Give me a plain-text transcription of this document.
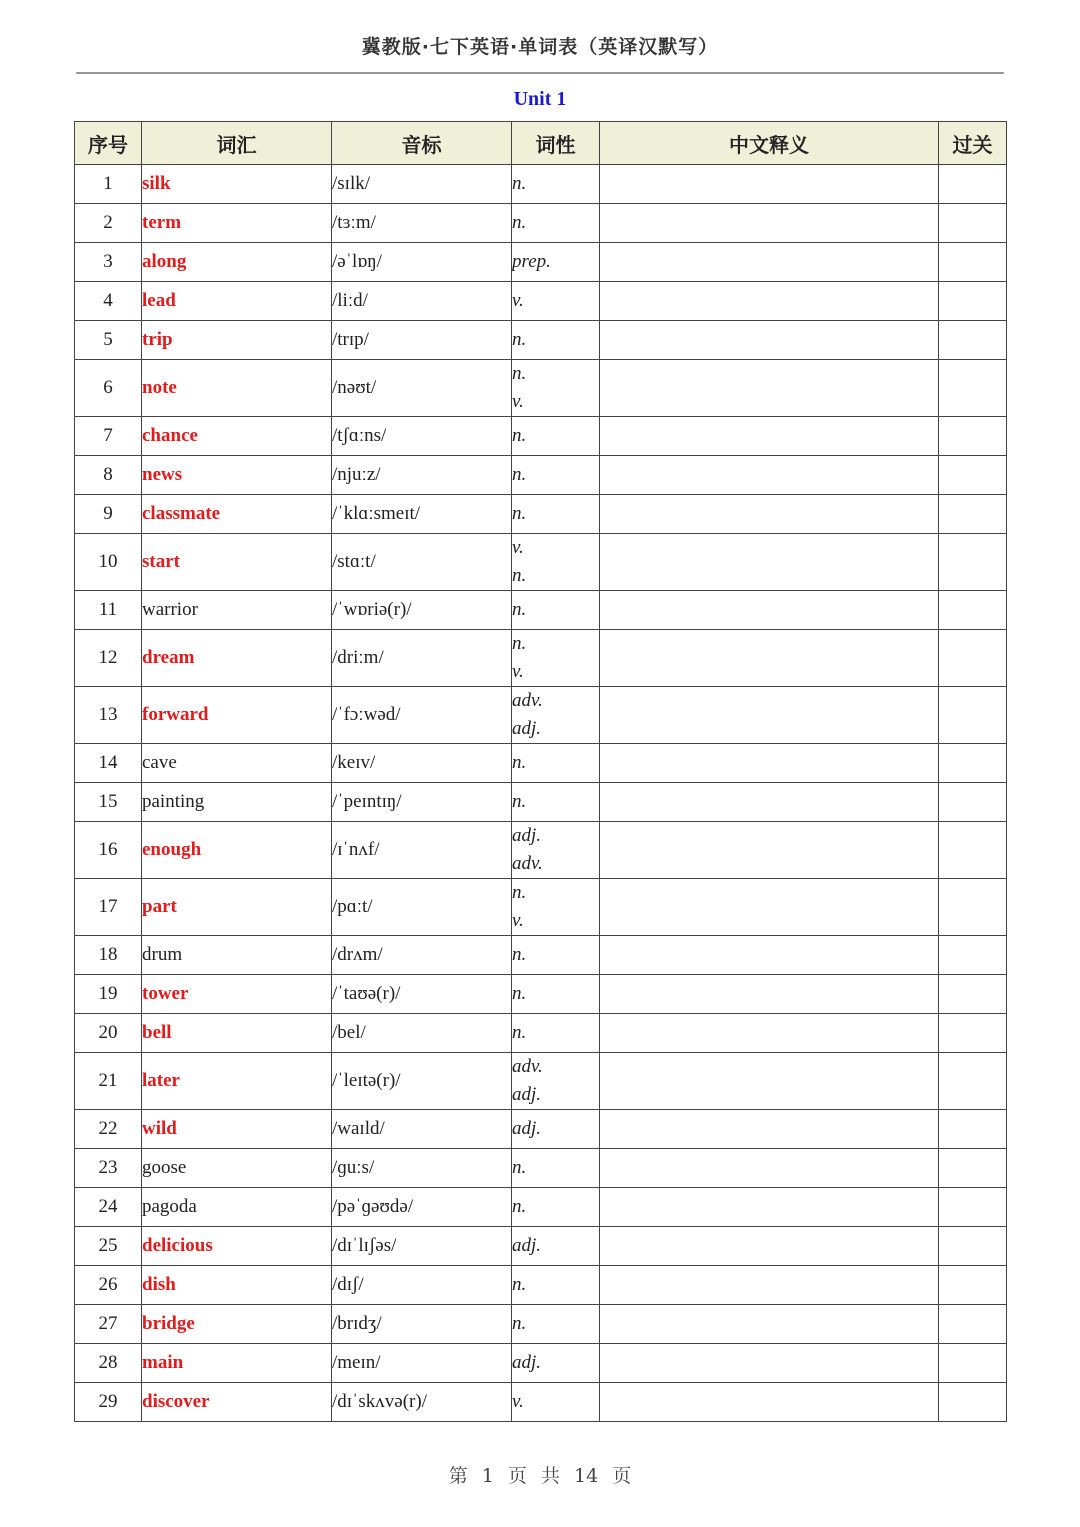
冀教版·七下英语·单词表（英译汉默写）
Unit 1
序号	词汇	音标	词性	中文释义	过关
1	silk	/sɪlk/	n.		

2	term	/tɜːm/	n.		

3	along	/əˈlɒŋ/	prep.		

4	lead	/liːd/	v.		

5	trip	/trɪp/	n.		

6	note	/nəʊt/	n.
v.		

7	chance	/tʃɑːns/	n.		

8	news	/njuːz/	n.		

9	classmate	/ˈklɑːsmeɪt/	n.		

10	start	/stɑːt/	v.
n.		

11	warrior	/ˈwɒriə(r)/	n.		

12	dream	/driːm/	n.
v.		

13	forward	/ˈfɔːwəd/	adv.
adj.		

14	cave	/keɪv/	n.		

15	painting	/ˈpeɪntɪŋ/	n.		

16	enough	/ɪˈnʌf/	adj.
adv.		

17	part	/pɑːt/	n.
v.		

18	drum	/drʌm/	n.		

19	tower	/ˈtaʊə(r)/	n.		

20	bell	/bel/	n.		

21	later	/ˈleɪtə(r)/	adv.
adj.		

22	wild	/waɪld/	adj.		

23	goose	/ɡuːs/	n.		

24	pagoda	/pəˈɡəʊdə/	n.		

25	delicious	/dɪˈlɪʃəs/	adj.		

26	dish	/dɪʃ/	n.		

27	bridge	/brɪdʒ/	n.		

28	main	/meɪn/	adj.		

29	discover	/dɪˈskʌvə(r)/	v.		

第 1 页 共 14 页
